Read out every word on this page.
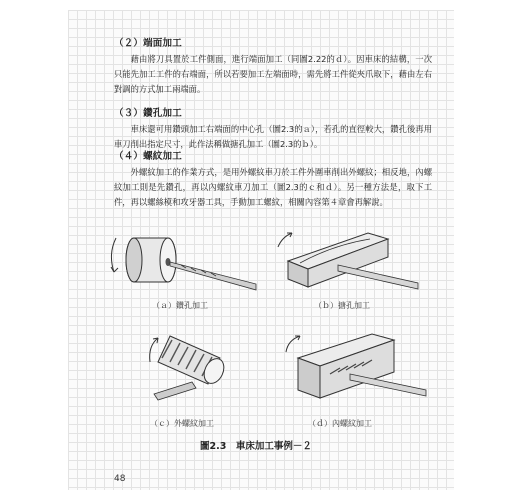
（２）端面加工
藉由將刀具置於工件側面，進行端面加工（同圖2.22的ｄ）。因車床的結構，一次只能先加工工件的右端面，所以若要加工左端面時，需先將工件從夾爪取下，藉由左右對調的方式加工兩端面。
（３）鑽孔加工
車床還可用鑽頭加工右端面的中心孔（圖2.3的ａ），若孔的直徑較大，鑽孔後再用車刀削出指定尺寸，此作法稱做搪孔加工（圖2.3的ｂ）。
（４）螺紋加工
外螺紋加工的作業方式，是用外螺紋車刀於工件外圍車削出外螺紋；相反地，內螺紋加工則是先鑽孔，再以內螺紋車刀加工（圖2.3的ｃ和ｄ）。另一種方法是，取下工件，再以螺絲模和攻牙器工具，手動加工螺紋，相關內容第４章會再解說。
（ａ）鑽孔加工	（ｂ）搪孔加工
（ｃ）外螺紋加工	（ｄ）內螺紋加工
圖2.3　車床加工事例－２
48
